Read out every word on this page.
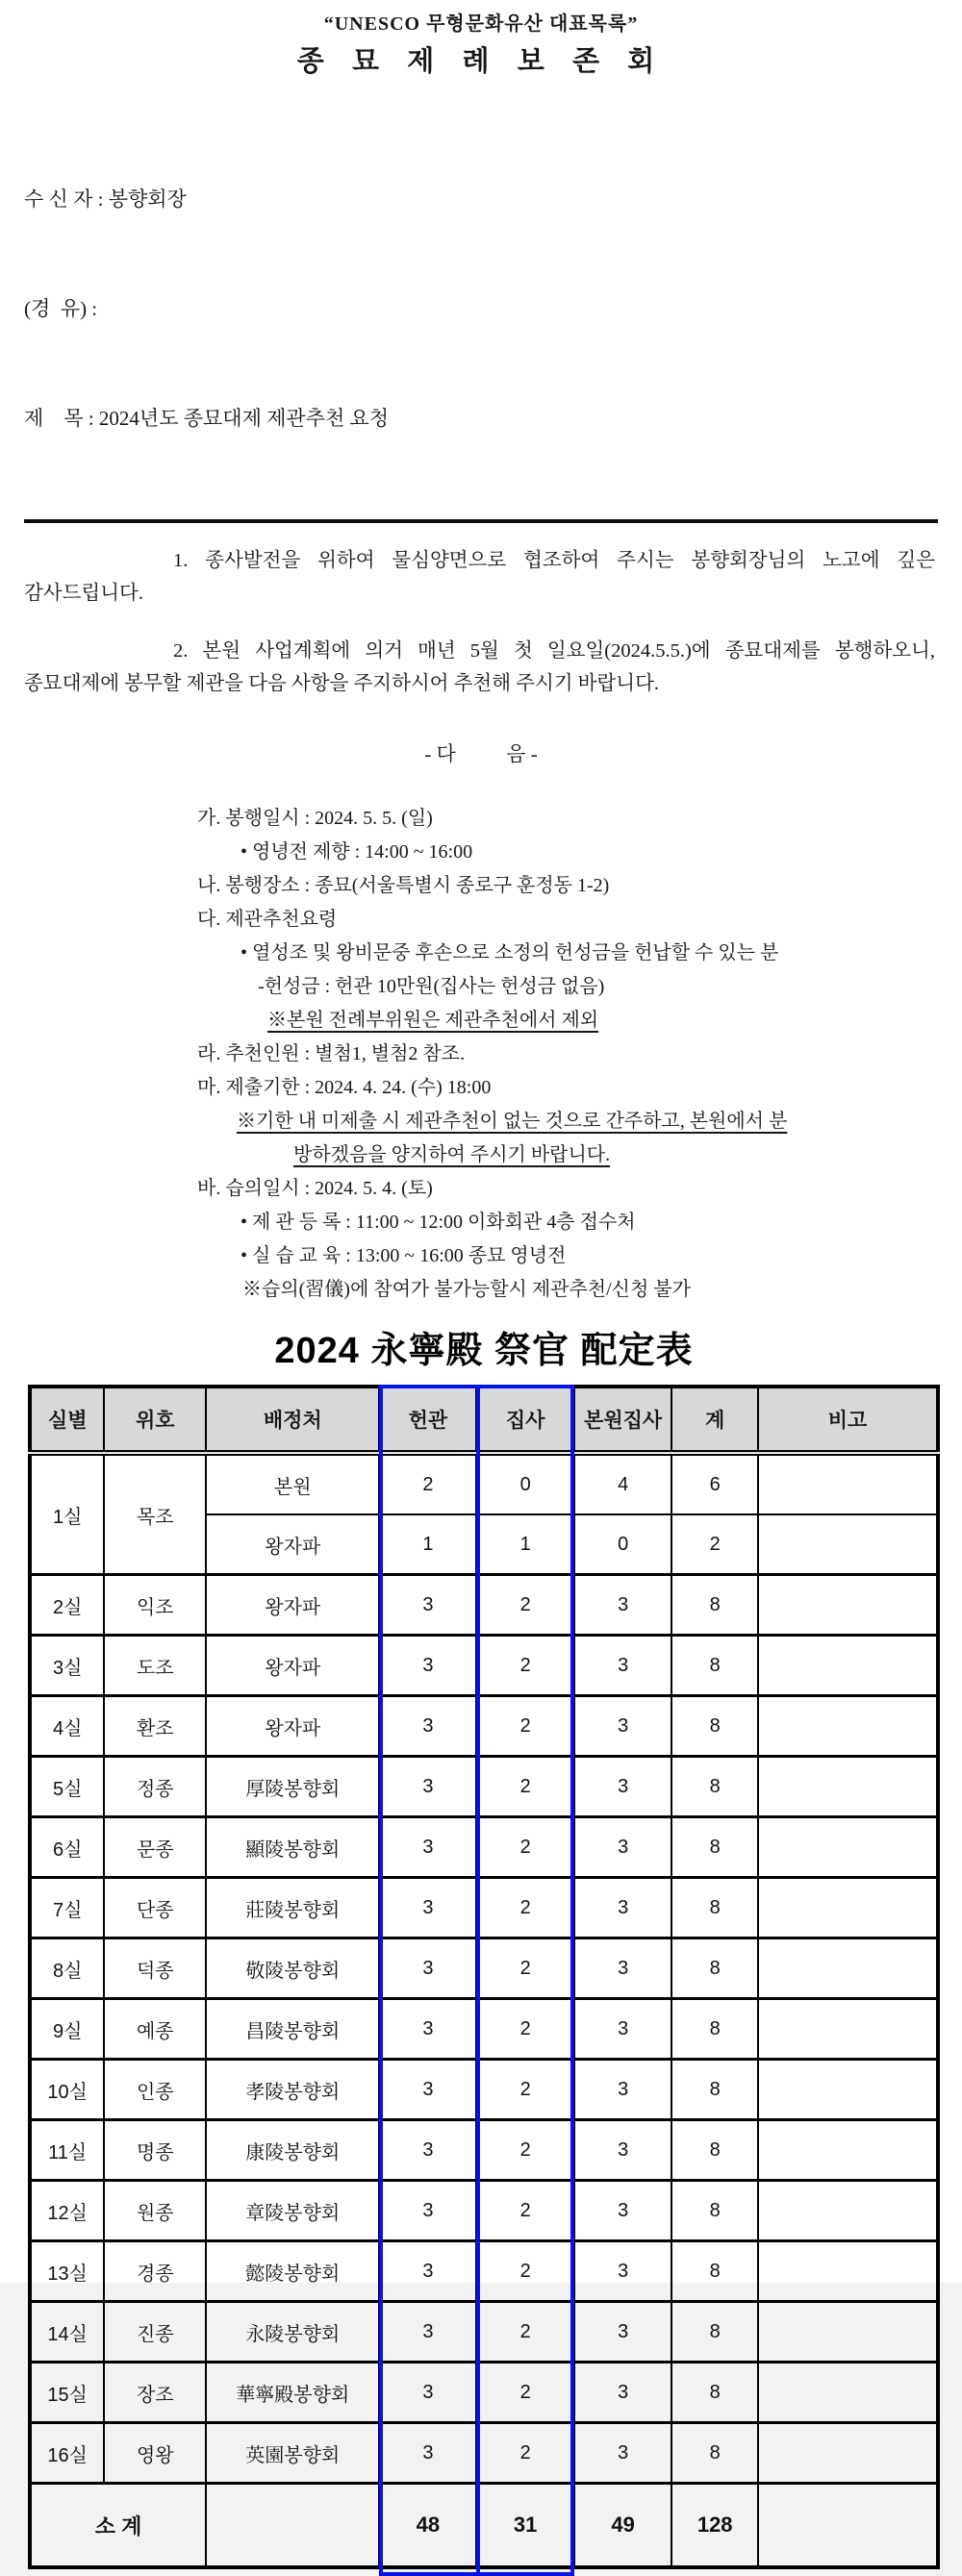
“UNESCO 무형문화유산 대표목록”
종 묘 제 례 보 존 회

수 신 자 : 봉향회장

(경  유) :

제    목 : 2024년도 종묘대제 제관추천 요청

1. 종사발전을 위하여 물심양면으로 협조하여 주시는 봉향회장님의 노고에 깊은 감사드립니다.
2. 본원 사업계획에 의거 매년 5월 첫 일요일(2024.5.5.)에 종묘대제를 봉행하오니, 종묘대제에 봉무할 제관을 다음 사항을 주지하시어 추천해 주시기 바랍니다.
- 다          음 -
가. 봉행일시 : 2024. 5. 5. (일)
• 영녕전 제향 : 14:00 ~ 16:00
나. 봉행장소 : 종묘(서울특별시 종로구 훈정동 1-2)
다. 제관추천요령
• 열성조 및 왕비문중 후손으로 소정의 헌성금을 헌납할 수 있는 분
-헌성금 : 헌관 10만원(집사는 헌성금 없음)
※본원 전례부위원은 제관추천에서 제외
라. 추천인원 : 별첨1, 별첨2 참조.
마. 제출기한 : 2024. 4. 24. (수) 18:00
※기한 내 미제출 시 제관추천이 없는 것으로 간주하고, 본원에서 분
방하겠음을 양지하여 주시기 바랍니다.
바. 습의일시 : 2024. 5. 4. (토)
• 제 관 등 록 : 11:00 ~ 12:00 이화회관 4층 접수처
• 실 습 교 육 : 13:00 ~ 16:00 종묘 영녕전
※습의(習儀)에 참여가 불가능할시 제관추천/신청 불가
2024 永寧殿 祭官 配定表
실별	위호	배정처	헌관	집사	본원집사	계	비고
1실	목조	본원	2	0	4	6	
		왕자파	1	1	0	2	
2실	익조	왕자파	3	2	3	8	
3실	도조	왕자파	3	2	3	8	
4실	환조	왕자파	3	2	3	8	
5실	정종	厚陵봉향회	3	2	3	8	
6실	문종	顯陵봉향회	3	2	3	8	
7실	단종	莊陵봉향회	3	2	3	8	
8실	덕종	敬陵봉향회	3	2	3	8	
9실	예종	昌陵봉향회	3	2	3	8	
10실	인종	孝陵봉향회	3	2	3	8	
11실	명종	康陵봉향회	3	2	3	8	
12실	원종	章陵봉향회	3	2	3	8	
13실	경종	懿陵봉향회	3	2	3	8	
14실	진종	永陵봉향회	3	2	3	8	
15실	장조	華寧殿봉향회	3	2	3	8	
16실	영왕	英園봉향회	3	2	3	8	
소 계			48	31	49	128	
